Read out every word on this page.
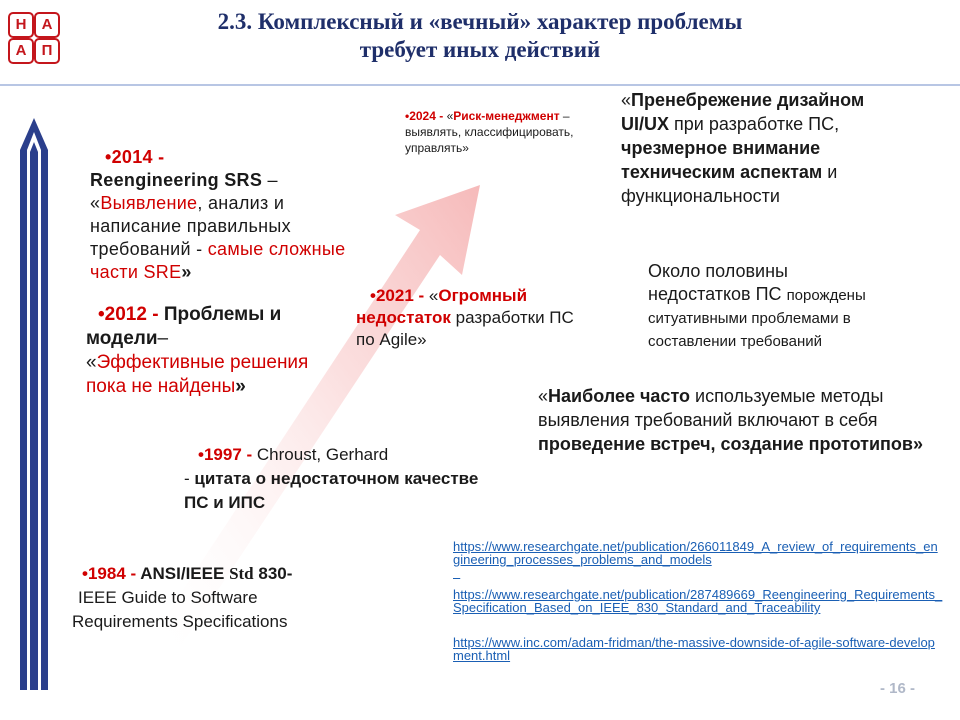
Н	А
А	П
2.3. Комплексный и «вечный» характер проблемы
требует иных действий
•2024 - «Риск-менеджмент – выявлять, классифицировать, управлять»
•2014 -
Reengineering SRS –
«Выявление, анализ и написание правильных требований - самые сложные части SRE»
•2021 - «Огромный недостаток разработки ПС по Agile»
•2012 - Проблемы и модели–
«Эффективные решения пока не найдены»
•1997 - Chroust, Gerhard
- цитата о недостаточном качестве ПС и ИПС
•1984 - ANSI/IEEE Std 830-
IEEE Guide to Software
Requirements Specifications
«Пренебрежение дизайном UI/UX при разработке ПС, чрезмерное внимание техническим аспектам и функциональности
Около половины
недостатков ПС порождены
ситуативными проблемами в
составлении требований
«Наиболее часто используемые методы выявления требований включают в себя проведение встреч, создание прототипов»
https://www.researchgate.net/publication/266011849_A_review_of_requirements_engineering_processes_problems_and_models

https://www.researchgate.net/publication/287489669_Reengineering_Requirements_Specification_Based_on_IEEE_830_Standard_and_Traceability
https://www.inc.com/adam-fridman/the-massive-downside-of-agile-software-development.html
- 16 -
